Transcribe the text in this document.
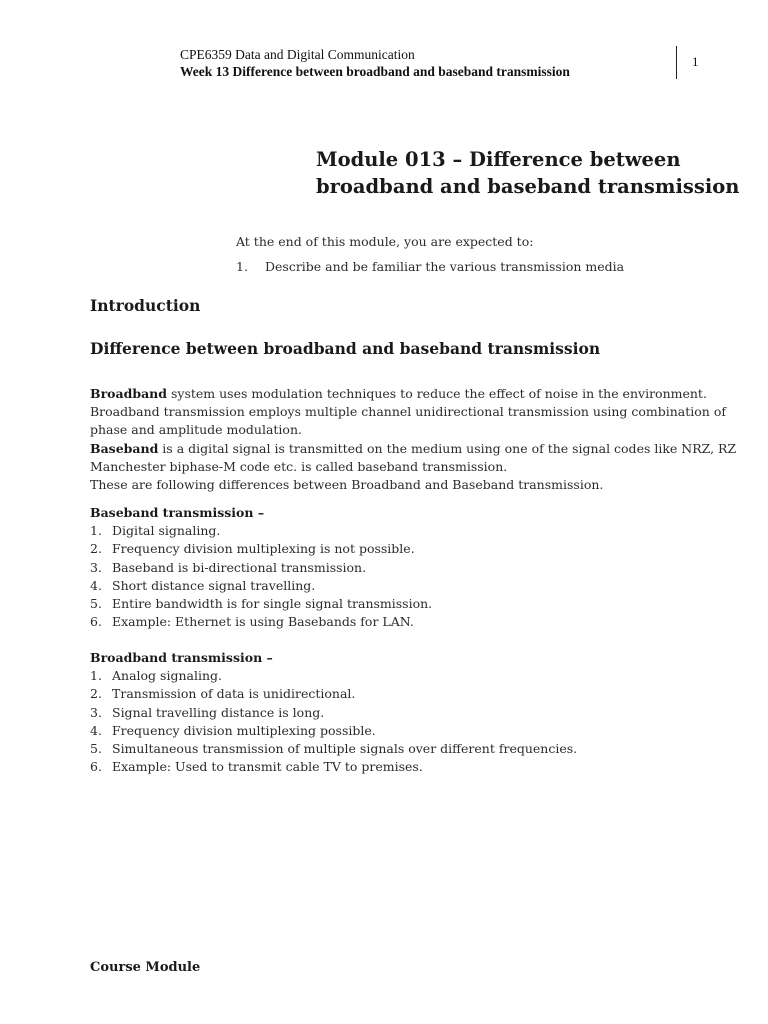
CPE6359 Data and Digital Communication
Week 13 Difference between broadband and baseband transmission
1
Module 013 – Difference between broadband and baseband transmission
At the end of this module, you are expected to:
1. Describe and be familiar the various transmission media
Introduction
Difference between broadband and baseband transmission

Broadband system uses modulation techniques to reduce the effect of noise in the environment. Broadband transmission employs multiple channel unidirectional transmission using combination of phase and amplitude modulation.

Baseband is a digital signal is transmitted on the medium using one of the signal codes like NRZ, RZ Manchester biphase-M code etc. is called baseband transmission.

These are following differences between Broadband and Baseband transmission.

Baseband transmission –
1. Digital signaling.
2. Frequency division multiplexing is not possible.
3. Baseband is bi-directional transmission.
4. Short distance signal travelling.
5. Entire bandwidth is for single signal transmission.
6. Example: Ethernet is using Basebands for LAN.
Broadband transmission –
1. Analog signaling.
2. Transmission of data is unidirectional.
3. Signal travelling distance is long.
4. Frequency division multiplexing possible.
5. Simultaneous transmission of multiple signals over different frequencies.
6. Example: Used to transmit cable TV to premises.
Course Module
